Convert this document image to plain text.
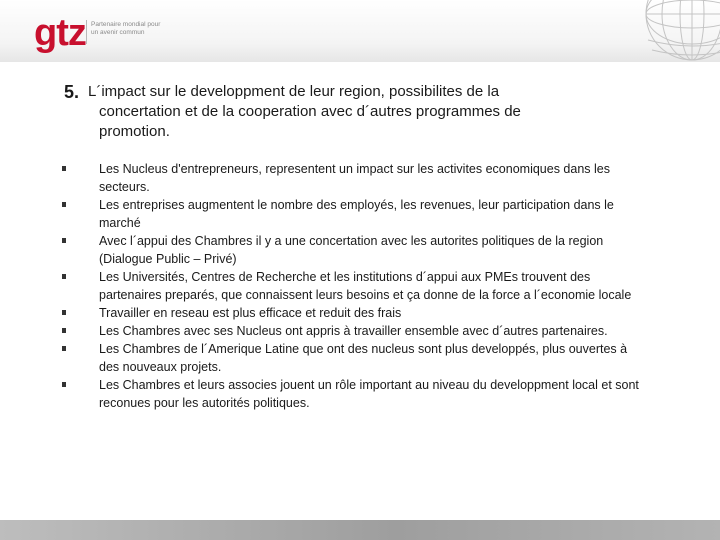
gtz Partenaire mondial pour
un avenir commun
5. L´impact sur le developpment de leur region, possibilites de la
concertation et de la cooperation avec d´autres programmes de
promotion.
Les Nucleus d'entrepreneurs, representent un impact sur les activites economiques dans les secteurs.
Les entreprises augmentent le nombre des employés, les revenues, leur participation dans le marché
Avec l´appui des Chambres il y a une concertation avec les autorites politiques de la region (Dialogue Public – Privé)
Les Universités, Centres de Recherche et les institutions d´appui aux PMEs trouvent des partenaires preparés, que connaissent leurs besoins et ça donne de la force a l´economie locale
Travailler en reseau est plus efficace et reduit des frais
Les Chambres avec ses Nucleus ont appris à travailler ensemble avec d´autres partenaires.
Les Chambres de l´Amerique Latine que ont des nucleus sont plus developpés, plus ouvertes à des nouveaux projets.
Les Chambres et leurs associes jouent un rôle important au niveau du developpment local et sont reconues pour les autorités politiques.
